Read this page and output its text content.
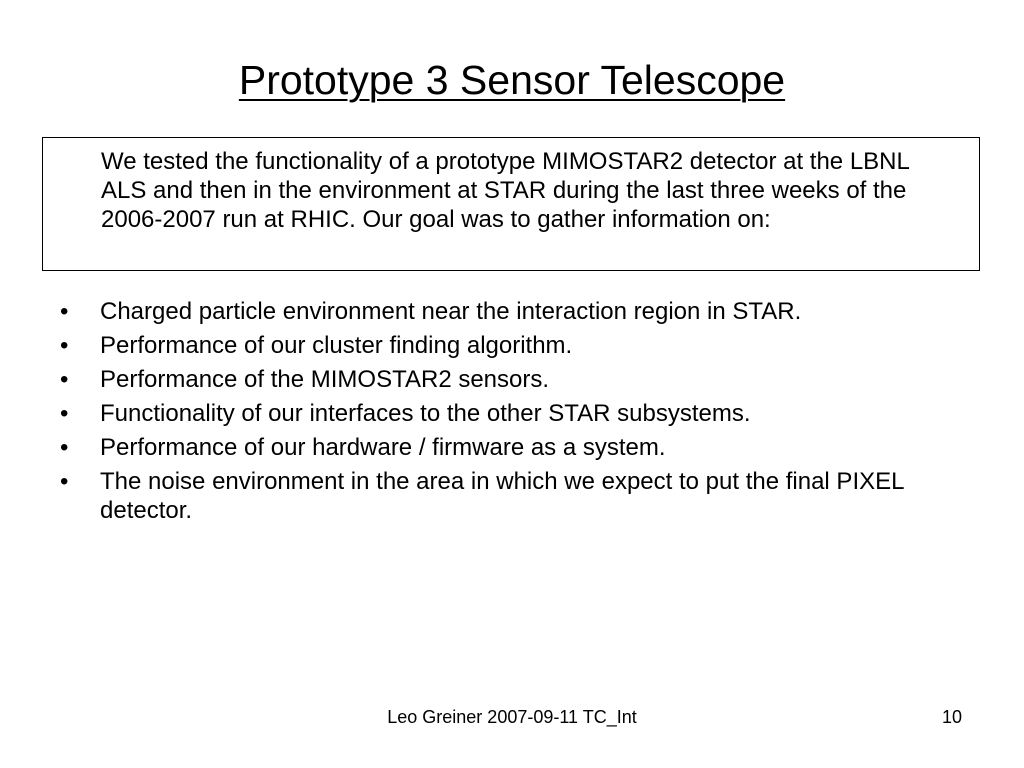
Prototype 3 Sensor Telescope
We tested the functionality of a prototype MIMOSTAR2 detector at the LBNL ALS and then in the environment at STAR during the last three weeks of the 2006-2007 run at RHIC. Our goal was to gather information on:
•	Charged particle environment near the interaction region in STAR.
•	Performance of our cluster finding algorithm.
•	Performance of the MIMOSTAR2 sensors.
•	Functionality of our interfaces to the other STAR subsystems.
•	Performance of our hardware / firmware as a system.
•	The noise environment in the area in which we expect to put the final PIXEL detector.
Leo Greiner 2007-09-11 TC_Int	10
